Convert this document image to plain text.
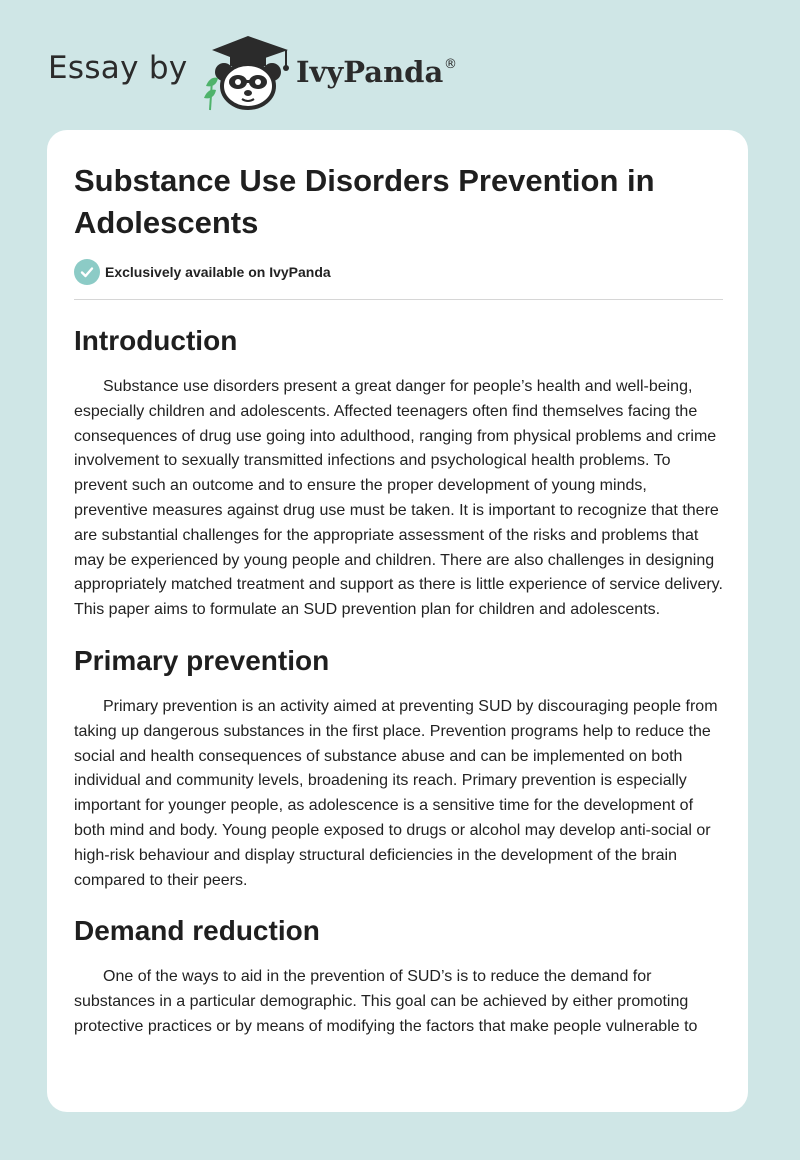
Essay by	IvyPanda ®
Substance Use Disorders Prevention in Adolescents
Exclusively available on IvyPanda
Introduction

Substance use disorders present a great danger for people’s health and well-being, especially children and adolescents. Affected teenagers often find themselves facing the consequences of drug use going into adulthood, ranging from physical problems and crime involvement to sexually transmitted infections and psychological health problems. To prevent such an outcome and to ensure the proper development of young minds, preventive measures against drug use must be taken. It is important to recognize that there are substantial challenges for the appropriate assessment of the risks and problems that may be experienced by young people and children. There are also challenges in designing appropriately matched treatment and support as there is little experience of service delivery. This paper aims to formulate an SUD prevention plan for children and adolescents.

Primary prevention

Primary prevention is an activity aimed at preventing SUD by discouraging people from taking up dangerous substances in the first place. Prevention programs help to reduce the social and health consequences of substance abuse and can be implemented on both individual and community levels, broadening its reach. Primary prevention is especially important for younger people, as adolescence is a sensitive time for the development of both mind and body. Young people exposed to drugs or alcohol may develop anti-social or high-risk behaviour and display structural deficiencies in the development of the brain compared to their peers.

Demand reduction

One of the ways to aid in the prevention of SUD’s is to reduce the demand for substances in a particular demographic. This goal can be achieved by either promoting protective practices or by means of modifying the factors that make people vulnerable to
